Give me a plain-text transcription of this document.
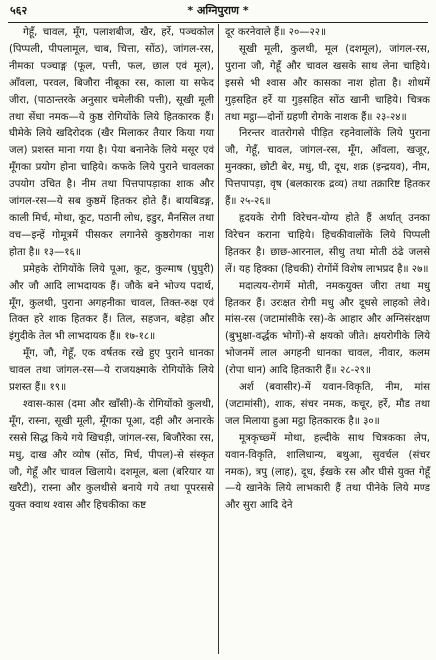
५६२	* अग्निपुराण *

गेहूँ, चावल, मूँग, पलाशबीज, खैर, हर्रे, पञ्चकोल (पिप्पली, पीपलामूल, चाब, चित्ता, सोंठ), जांगल-रस, नीमका पञ्चाङ्ग (फूल, पत्ती, फल, छाल एवं मूल), आँवला, परवल, बिजौरा नीबूका रस, काला या सफेद जीरा, (पाठान्तरके अनुसार चमेलीकी पत्ती), सूखी मूली तथा सेंधा नमक—ये कुष्ठ रोगियोंके लिये हितकारक हैं। घीमेके लिये खदिरोदक (खैर मिलाकर तैयार किया गया जल) प्रशस्त माना गया है। पेया बनानेके लिये मसूर एवं मूँगका प्रयोग होना चाहिये। कफके लिये पुराने चावलका उपयोग उचित है। नीम तथा पित्तपापड़ाका शाक और जांगल-रस—ये सब कुष्ठमें हितकर होते हैं। बायबिडङ्ग, काली मिर्च, मोथा, कूट, पठानी लोध, इडुर, मैनसिल तथा वच—इन्हें गोमूत्रमें पीसकर लगानेसे कुष्ठरोगका नाश होता है॥ १३—१६॥

प्रमेहके रोगियोंके लिये पूआ, कूट, कुल्माष (घुघुरी) और जौ आदि लाभदायक हैं। जौके बने भोज्य पदार्थ, मूँग, कुलथी, पुराना अगहनीका चावल, तिक्त-रुक्ष एवं तिक्त हरे शाक हितकर हैं। तिल, सहजन, बहेड़ा और इंगुदीके तेल भी लाभदायक हैं॥ १७-१८॥

मूँग, जौ, गेहूँ, एक वर्षतक रखे हुए पुराने धानका चावल तथा जांगल-रस—ये राजयक्ष्माके रोगियोंके लिये प्रशस्त हैं॥ १९॥

श्वास-कास (दमा और खाँसी)-के रोगियोंको कुलथी, मूँग, रास्ना, सूखी मूली, मूँगका पूआ, दही और अनारके रससे सिद्ध किये गये खिचड़ी, जांगल-रस, बिजौरेका रस, मधु, दाख और व्योष (सोंठ, मिर्च, पीपल)-से संस्कृत जौ, गेहूँ और चावल खिलाये। दशमूल, बला (बरियार या खरैटी), रास्ना और कुलथीसे बनाये गये तथा पूपरससे युक्त क्वाथ श्वास और हिचकीका कष्ट

दूर करनेवाले हैं॥ २०—२२॥

सूखी मूली, कुलथी, मूल (दशमूल), जांगल-रस, पुराना जौ, गेहूँ और चावल खसके साथ लेना चाहिये। इससे भी श्वास और कासका नाश होता है। शोथमें गुड़सहित हर्रे या गुड़सहित सोंठ खानी चाहिये। चित्रक तथा मट्ठा—दोनों ग्रहणी रोगके नाशक हैं॥ २३-२४॥

निरन्तर वातरोगसे पीड़ित रहनेवालोंके लिये पुराना जौ, गेहूँ, चावल, जांगल-रस, मूँग, आँवला, खजूर, मुनक्का, छोटी बेर, मधु, घी, दूध, शक्र (इन्द्रयव), नीम, पित्तपापड़ा, वृष (बलकारक द्रव्य) तथा तक्रारिष्ट हितकर हैं॥ २५-२६॥

हृदयके रोगी विरेचन-योग्य होते हैं अर्थात् उनका विरेचन कराना चाहिये। हिचकीवालोंके लिये पिप्पली हितकर है। छाछ-आरनाल, सीधु तथा मोती ठंढे जलसे लें। यह हिक्का (हिचकी) रोगोंमें विशेष लाभप्रद है॥ २७॥

मदात्यय-रोगमें मोती, नमकयुक्त जीरा तथा मधु हितकर हैं। उरःक्षत रोगी मधु और दूधसे लाहको लेवे। मांस-रस (जटामांसीके रस)-के आहार और अग्निसंरक्षण (बुभुक्षा-वर्द्धक भोगों)-से क्षयको जीते। क्षयरोगीके लिये भोजनमें लाल अगहनी धानका चावल, नीवार, कलम (रोपा धान) आदि हितकारी हैं॥ २८-२९॥

अर्श (बवासीर)-में यवान-विकृति, नीम, मांस (जटामांसी), शाक, संचर नमक, कचूर, हर्रे, मौड तथा जल मिलाया हुआ मट्ठा हितकारक है॥ ३०॥

मूत्रकृच्छ्में मोथा, हल्दीके साथ चित्रकका लेप, यवान-विकृति, शालिधान्य, बथुआ, सुवर्चल (संचर नमक), त्रपु (लाह), दूध, ईखके रस और घीसे युक्त गेहूँ—ये खानेके लिये लाभकारी हैं तथा पीनेके लिये मण्ड और सुरा आदि देने
